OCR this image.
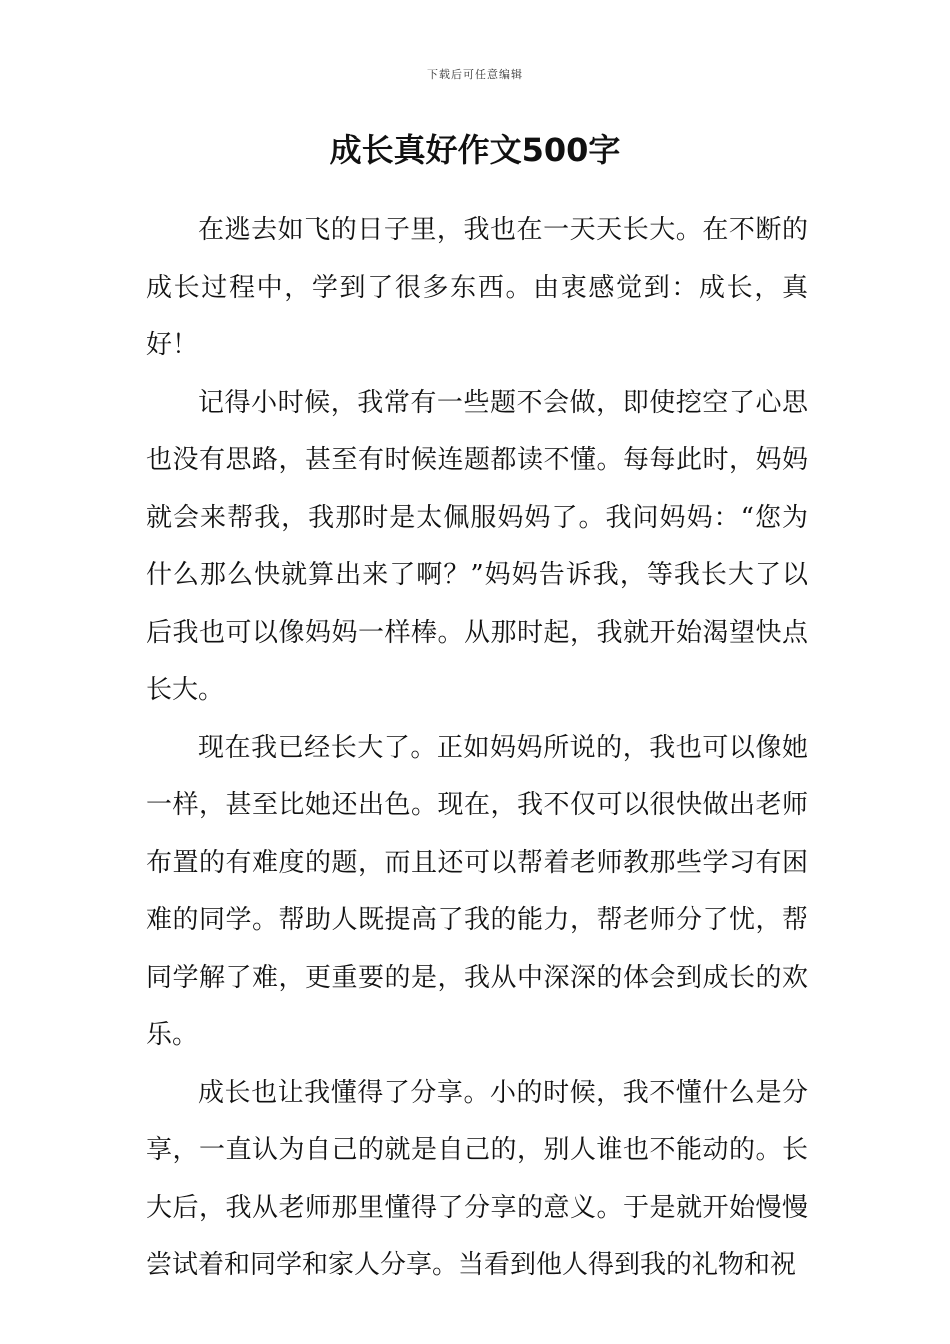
下载后可任意编辑
成长真好作文500字

在逃去如飞的日子里，我也在一天天长大。在不断的成长过程中，学到了很多东西。由衷感觉到：成长，真好！

记得小时候，我常有一些题不会做，即使挖空了心思也没有思路，甚至有时候连题都读不懂。每每此时，妈妈就会来帮我，我那时是太佩服妈妈了。我问妈妈：“您为什么那么快就算出来了啊？”妈妈告诉我，等我长大了以后我也可以像妈妈一样棒。从那时起，我就开始渴望快点长大。

现在我已经长大了。正如妈妈所说的，我也可以像她一样，甚至比她还出色。现在，我不仅可以很快做出老师布置的有难度的题，而且还可以帮着老师教那些学习有困难的同学。帮助人既提高了我的能力，帮老师分了忧，帮同学解了难，更重要的是，我从中深深的体会到成长的欢乐。

成长也让我懂得了分享。小的时候，我不懂什么是分享，一直认为自己的就是自己的，别人谁也不能动的。长大后，我从老师那里懂得了分享的意义。于是就开始慢慢尝试着和同学和家人分享。当看到他人得到我的礼物和祝
